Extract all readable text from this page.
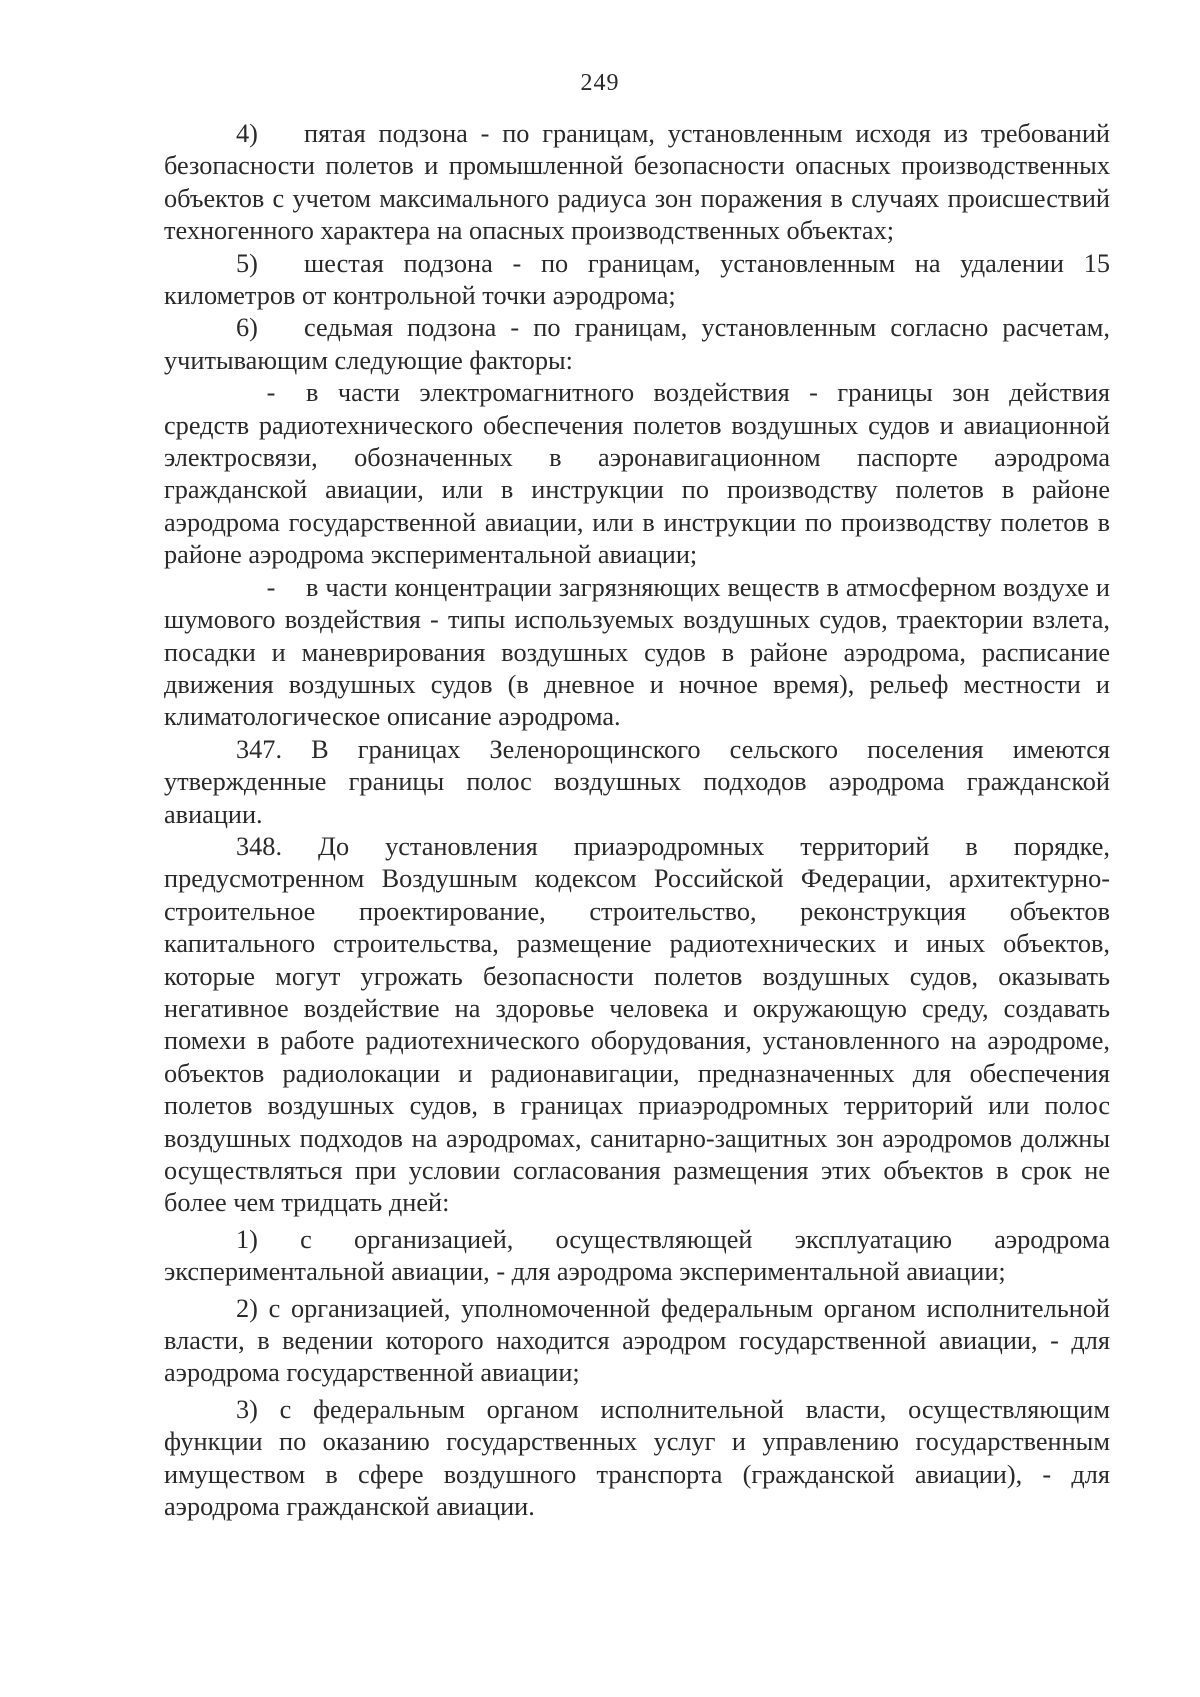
249

4) пятая подзона - по границам, установленным исходя из требований безопасности полетов и промышленной безопасности опасных производственных объектов с учетом максимального радиуса зон поражения в случаях происшествий техногенного характера на опасных производственных объектах;

5) шестая подзона - по границам, установленным на удалении 15 километров от контрольной точки аэродрома;

6) седьмая подзона - по границам, установленным согласно расчетам, учитывающим следующие факторы:

- в части электромагнитного воздействия - границы зон действия средств радиотехнического обеспечения полетов воздушных судов и авиационной электросвязи, обозначенных в аэронавигационном паспорте аэродрома гражданской авиации, или в инструкции по производству полетов в районе аэродрома государственной авиации, или в инструкции по производству полетов в районе аэродрома экспериментальной авиации;

- в части концентрации загрязняющих веществ в атмосферном воздухе и шумового воздействия - типы используемых воздушных судов, траектории взлета, посадки и маневрирования воздушных судов в районе аэродрома, расписание движения воздушных судов (в дневное и ночное время), рельеф местности и климатологическое описание аэродрома.

347. В границах Зеленорощинского сельского поселения имеются утвержденные границы полос воздушных подходов аэродрома гражданской авиации.

348. До установления приаэродромных территорий в порядке, предусмотренном Воздушным кодексом Российской Федерации, архитектурно-строительное проектирование, строительство, реконструкция объектов капитального строительства, размещение радиотехнических и иных объектов, которые могут угрожать безопасности полетов воздушных судов, оказывать негативное воздействие на здоровье человека и окружающую среду, создавать помехи в работе радиотехнического оборудования, установленного на аэродроме, объектов радиолокации и радионавигации, предназначенных для обеспечения полетов воздушных судов, в границах приаэродромных территорий или полос воздушных подходов на аэродромах, санитарно-защитных зон аэродромов должны осуществляться при условии согласования размещения этих объектов в срок не более чем тридцать дней:

1) с организацией, осуществляющей эксплуатацию аэродрома экспериментальной авиации, - для аэродрома экспериментальной авиации;

2) с организацией, уполномоченной федеральным органом исполнительной власти, в ведении которого находится аэродром государственной авиации, - для аэродрома государственной авиации;

3) с федеральным органом исполнительной власти, осуществляющим функции по оказанию государственных услуг и управлению государственным имуществом в сфере воздушного транспорта (гражданской авиации), - для аэродрома гражданской авиации.
